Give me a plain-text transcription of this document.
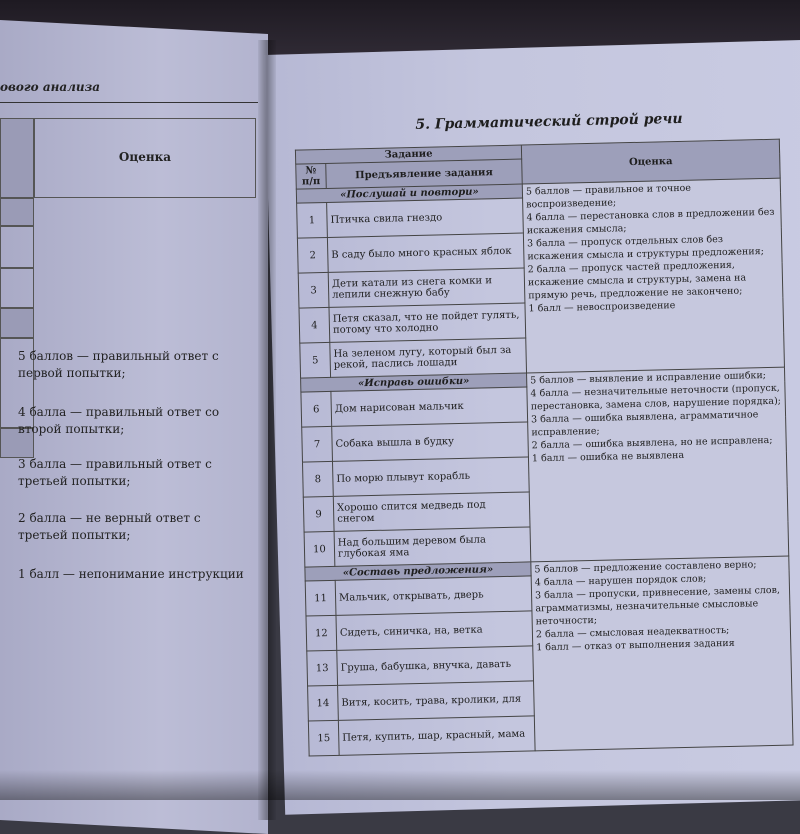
ового анализа
Оценка
5 баллов — правильный ответ с первой попытки;
4 балла — правильный ответ со второй попытки;
3 балла — правильный ответ с третьей попытки;
2 балла — не верный ответ с третьей попытки;
1 балл — непонимание инструкции
5. Грамматический строй речи
Задание		Оценка
№ п/п	Предъявление задания	
«Послушай и повтори»		5 баллов — правильное и точное воспроизведение;
4 балла — перестановка слов в предложении без искажения смысла;
3 балла — пропуск отдельных слов без искажения смысла и структуры предложения;
2 балла — пропуск частей предложения, искажение смысла и структуры, замена на прямую речь, предложение не закончено;
1 балл — невоспроизведение

1	Птичка свила гнездо	
2	В саду было много красных яблок	
3	Дети катали из снега комки и лепили снежную бабу	
4	Петя сказал, что не пойдет гулять, потому что холодно	
5	На зеленом лугу, который был за рекой, паслись лошади	
«Исправь ошибки»		5 баллов — выявление и исправление ошибки;
4 балла — незначительные неточности (пропуск, перестановка, замена слов, нарушение порядка);
3 балла — ошибка выявлена, аграмматичное исправление;
2 балла — ошибка выявлена, но не исправлена;
1 балл — ошибка не выявлена

6	Дом нарисован мальчик	
7	Собака вышла в будку	
8	По морю плывут корабль	
9	Хорошо спится медведь под снегом	
10	Над большим деревом была глубокая яма	
«Составь предложения»		5 баллов — предложение составлено верно;
4 балла — нарушен порядок слов;
3 балла — пропуски, привнесение, замены слов, аграмматизмы, незначительные смысловые неточности;
2 балла — смысловая неадекватность;
1 балл — отказ от выполнения задания

11	Мальчик, открывать, дверь	
12	Сидеть, синичка, на, ветка	
13	Груша, бабушка, внучка, давать	
14	Витя, косить, трава, кролики, для	
15	Петя, купить, шар, красный, мама	
